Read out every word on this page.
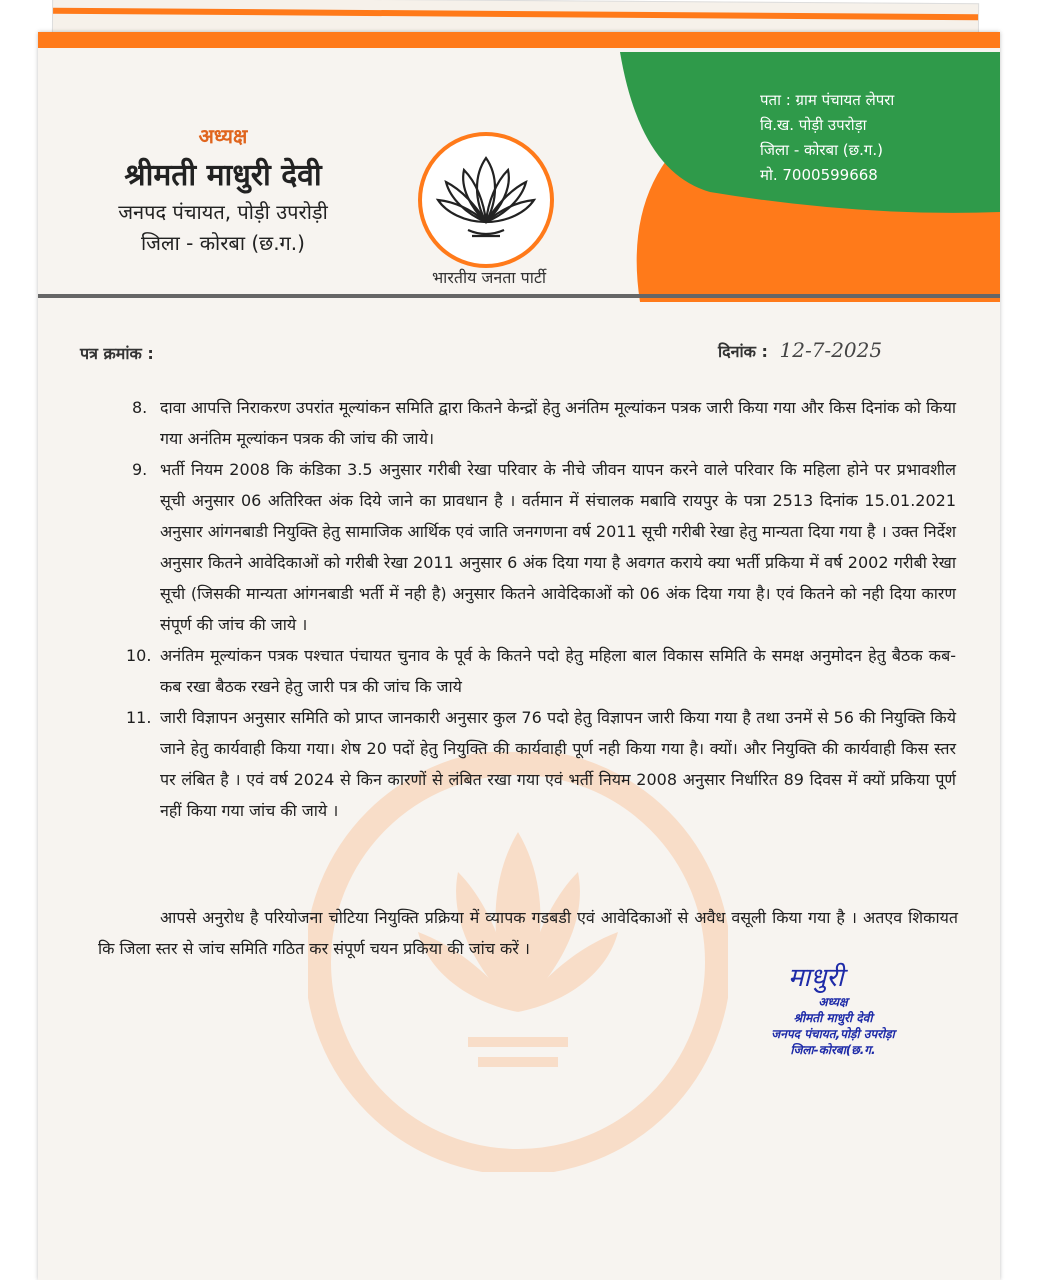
पता : ग्राम पंचायत लेपरा
वि.ख. पोड़ी उपरोड़ा
जिला - कोरबा (छ.ग.)
मो. 7000599668
अध्यक्ष
श्रीमती माधुरी देवी
जनपद पंचायत, पोड़ी उपरोड़ी
जिला - कोरबा (छ.ग.)
भारतीय जनता पार्टी
पत्र क्रमांक :	दिनांक : 12-7-2025
8. दावा आपत्ति निराकरण उपरांत मूल्यांकन समिति द्वारा कितने केन्द्रों हेतु अनंतिम मूल्यांकन पत्रक जारी किया गया और किस दिनांक को किया गया अनंतिम मूल्यांकन पत्रक की जांच की जाये।
9. भर्ती नियम 2008 कि कंडिका 3.5 अनुसार गरीबी रेखा परिवार के नीचे जीवन यापन करने वाले परिवार कि महिला होने पर प्रभावशील सूची अनुसार 06 अतिरिक्त अंक दिये जाने का प्रावधान है । वर्तमान में संचालक मबावि रायपुर के पत्रा 2513 दिनांक 15.01.2021 अनुसार आंगनबाडी नियुक्ति हेतु सामाजिक आर्थिक एवं जाति जनगणना वर्ष 2011 सूची गरीबी रेखा हेतु मान्यता दिया गया है । उक्त निर्देश अनुसार कितने आवेदिकाओं को गरीबी रेखा 2011 अनुसार 6 अंक दिया गया है अवगत कराये क्या भर्ती प्रकिया में वर्ष 2002 गरीबी रेखा सूची (जिसकी मान्यता आंगनबाडी भर्ती में नही है) अनुसार कितने आवेदिकाओं को 06 अंक दिया गया है। एवं कितने को नही दिया कारण संपूर्ण की जांच की जाये ।
10. अनंतिम मूल्यांकन पत्रक पश्चात पंचायत चुनाव के पूर्व के कितने पदो हेतु महिला बाल विकास समिति के समक्ष अनुमोदन हेतु बैठक कब- कब रखा बैठक रखने हेतु जारी पत्र की जांच कि जाये
11. जारी विज्ञापन अनुसार समिति को प्राप्त जानकारी अनुसार कुल 76 पदो हेतु विज्ञापन जारी किया गया है तथा उनमें से 56 की नियुक्ति किये जाने हेतु कार्यवाही किया गया। शेष 20 पदों हेतु नियुक्ति की कार्यवाही पूर्ण नही किया गया है। क्यों। और नियुक्ति की कार्यवाही किस स्तर पर लंबित है । एवं वर्ष 2024 से किन कारणों से लंबित रखा गया एवं भर्ती नियम 2008 अनुसार निर्धारित 89 दिवस में क्यों प्रकिया पूर्ण नहीं किया गया जांच की जाये ।
आपसे अनुरोध है परियोजना चोटिया नियुक्ति प्रक्रिया में व्यापक गडबडी एवं आवेदिकाओं से अवैध वसूली किया गया है । अतएव शिकायत कि जिला स्तर से जांच समिति गठित कर संपूर्ण चयन प्रकिया की जांच करें ।
माधुरी
अध्यक्ष
श्रीमती माधुरी देवी
जनपद पंचायत,पोड़ी उपरोड़ा
जिला-कोरबा(छ.ग.
